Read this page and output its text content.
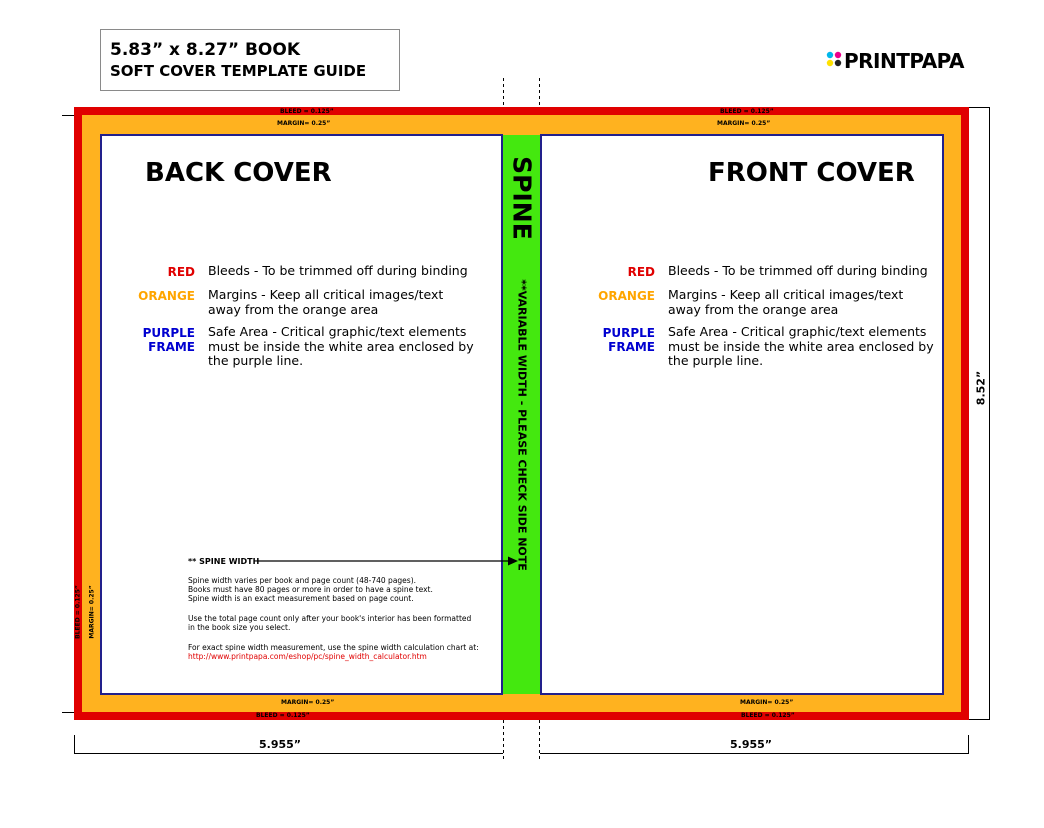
5.83” x 8.27” BOOK
SOFT COVER TEMPLATE GUIDE	PRINTPAPA
BLEED = 0.125”	BLEED = 0.125”
MARGIN= 0.25”	MARGIN= 0.25”
MARGIN= 0.25”	MARGIN= 0.25”
BLEED = 0.125”	BLEED = 0.125”
BLEED = 0.125” MARGIN= 0.25”
BACK COVER
RED Bleeds - To be trimmed off during binding
ORANGE Margins - Keep all critical images/text away from the orange area
PURPLE
FRAME
Safe Area - Critical graphic/text elements must be inside the white area enclosed by the purple line.
** SPINE WIDTH
Spine width varies per book and page count (48-740 pages).
Books must have 80 pages or more in order to have a spine text.
Spine width is an exact measurement based on page count.
Use the total page count only after your book's interior has been formatted
in the book size you select.
For exact spine width measurement, use the spine width calculation chart at:
http://www.printpapa.com/eshop/pc/spine_width_calculator.htm
SPINE
**VARIABLE WIDTH - PLEASE CHECK SIDE NOTE
FRONT COVER
RED Bleeds - To be trimmed off during binding
ORANGE Margins - Keep all critical images/text away from the orange area
PURPLE
FRAME
Safe Area - Critical graphic/text elements must be inside the white area enclosed by the purple line.
5.955”	5.955”
8.52”
